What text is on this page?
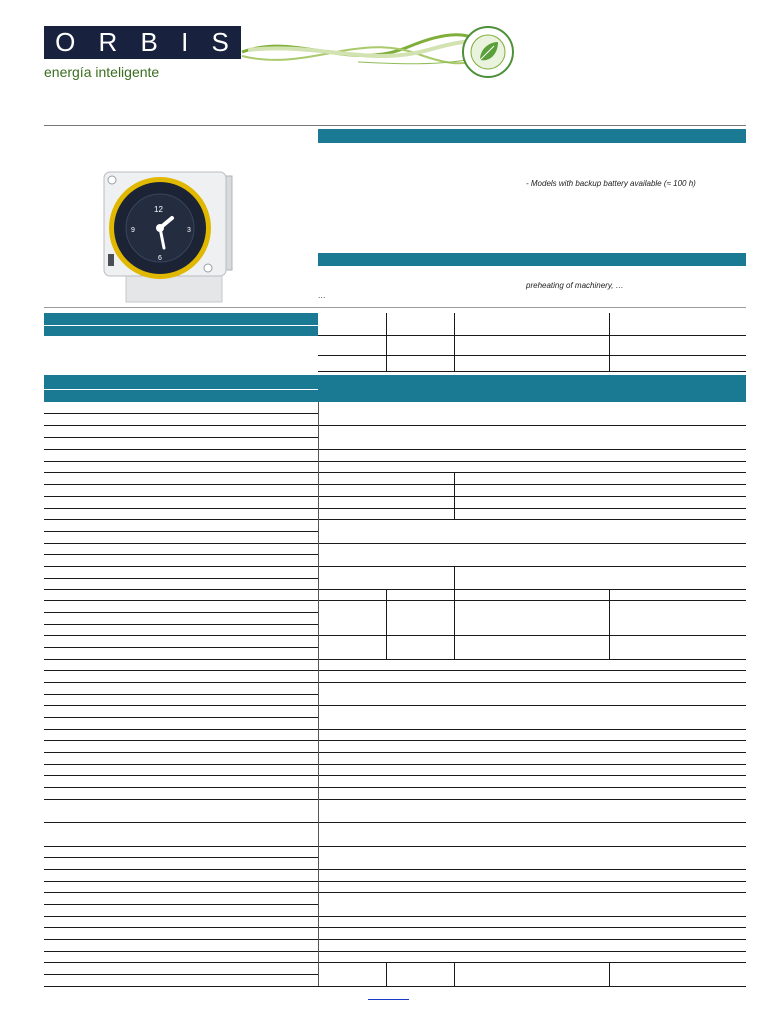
O R B I S ®
energía inteligente
12
3
6
9
- Models with backup battery available (≈ 100 h)
preheating of machinery, …
…
